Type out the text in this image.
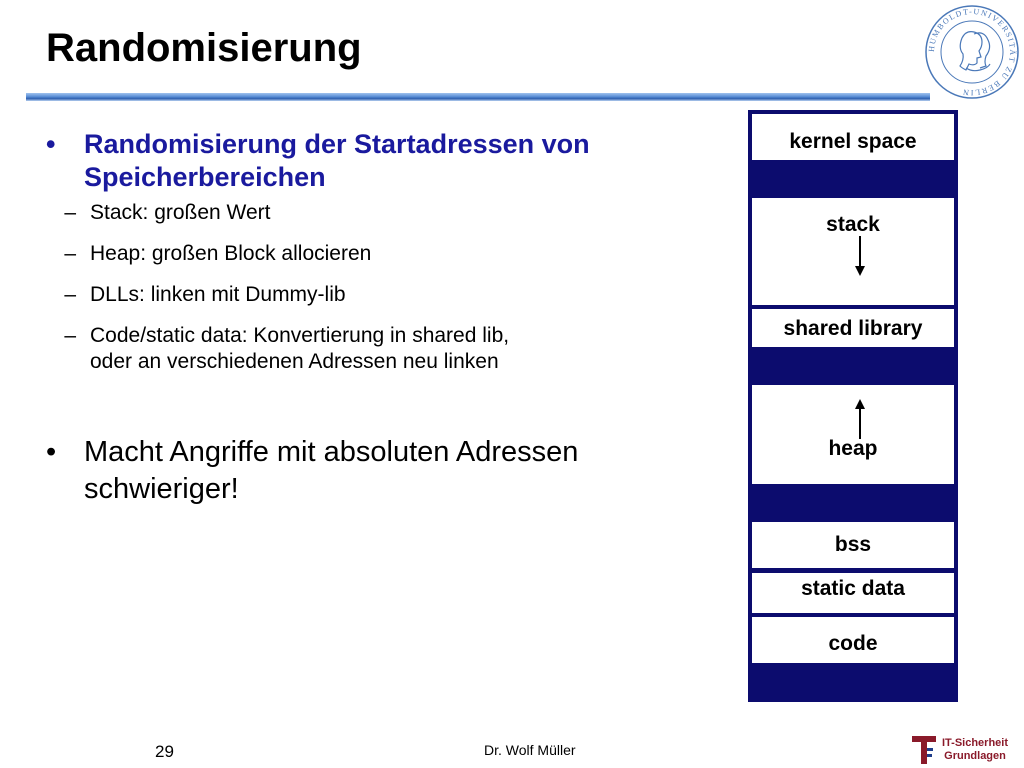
Randomisierung	HUMBOLDT-UNIVERSITÄT ZU BERLIN
• Randomisierung der Startadressen von
Speicherbereichen
– Stack: großen Wert
– Heap: großen Block allocieren
– DLLs: linken mit Dummy-lib
– Code/static data: Konvertierung in shared lib,
oder an verschiedenen Adressen neu linken
• Macht Angriffe mit absoluten Adressen
schwieriger!
kernel space
stack
shared library
heap
bss
static data
code
29	Dr. Wolf Müller	IT-Sicherheit
Grundlagen
